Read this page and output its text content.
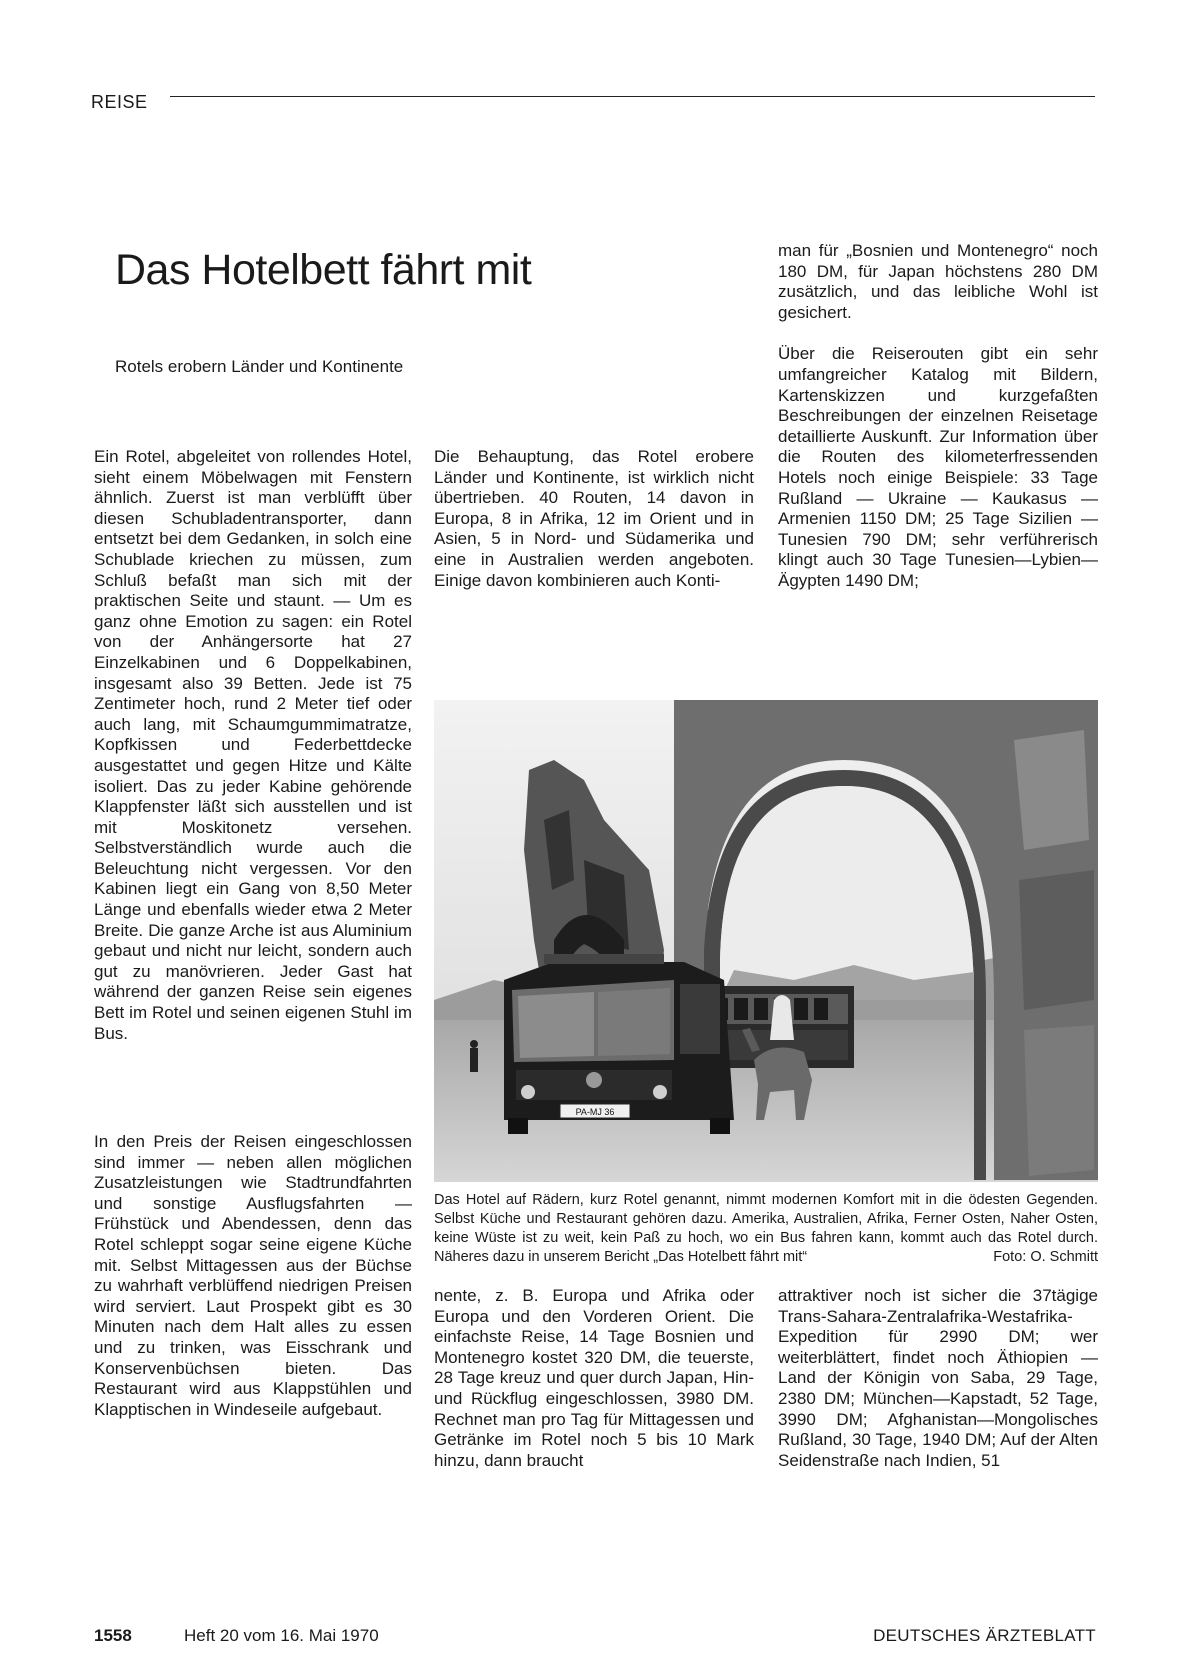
REISE
Das Hotelbett fährt mit
Rotels erobern Länder und Kontinente

Ein Rotel, abgeleitet von rollendes Hotel, sieht einem Möbelwagen mit Fenstern ähnlich. Zuerst ist man verblüfft über diesen Schubladentransporter, dann entsetzt bei dem Gedanken, in solch eine Schublade kriechen zu müssen, zum Schluß befaßt man sich mit der praktischen Seite und staunt. — Um es ganz ohne Emotion zu sagen: ein Rotel von der Anhängersorte hat 27 Einzelkabinen und 6 Doppelkabinen, insgesamt also 39 Betten. Jede ist 75 Zentimeter hoch, rund 2 Meter tief oder auch lang, mit Schaumgummimatratze, Kopfkissen und Federbettdecke ausgestattet und gegen Hitze und Kälte isoliert. Das zu jeder Kabine gehörende Klappfenster läßt sich ausstellen und ist mit Moskitonetz versehen. Selbstverständlich wurde auch die Beleuchtung nicht vergessen. Vor den Kabinen liegt ein Gang von 8,50 Meter Länge und ebenfalls wieder etwa 2 Meter Breite. Die ganze Arche ist aus Aluminium gebaut und nicht nur leicht, sondern auch gut zu manövrieren. Jeder Gast hat während der ganzen Reise sein eigenes Bett im Rotel und seinen eigenen Stuhl im Bus.

In den Preis der Reisen eingeschlossen sind immer — neben allen möglichen Zusatzleistungen wie Stadtrundfahrten und sonstige Ausflugsfahrten — Frühstück und Abendessen, denn das Rotel schleppt sogar seine eigene Küche mit. Selbst Mittagessen aus der Büchse zu wahrhaft verblüffend niedrigen Preisen wird serviert. Laut Prospekt gibt es 30 Minuten nach dem Halt alles zu essen und zu trinken, was Eisschrank und Konservenbüchsen bieten. Das Restaurant wird aus Klappstühlen und Klapptischen in Windeseile aufgebaut.

Die Behauptung, das Rotel erobere Länder und Kontinente, ist wirklich nicht übertrieben. 40 Routen, 14 davon in Europa, 8 in Afrika, 12 im Orient und in Asien, 5 in Nord- und Südamerika und eine in Australien werden angeboten. Einige davon kombinieren auch Konti-

nente, z. B. Europa und Afrika oder Europa und den Vorderen Orient. Die einfachste Reise, 14 Tage Bosnien und Montenegro kostet 320 DM, die teuerste, 28 Tage kreuz und quer durch Japan, Hin- und Rückflug eingeschlossen, 3980 DM. Rechnet man pro Tag für Mittagessen und Getränke im Rotel noch 5 bis 10 Mark hinzu, dann braucht

man für „Bosnien und Montenegro“ noch 180 DM, für Japan höchstens 280 DM zusätzlich, und das leibliche Wohl ist gesichert.

Über die Reiserouten gibt ein sehr umfangreicher Katalog mit Bildern, Kartenskizzen und kurzgefaßten Beschreibungen der einzelnen Reisetage detaillierte Auskunft. Zur Information über die Routen des kilometerfressenden Hotels noch einige Beispiele: 33 Tage Rußland — Ukraine — Kaukasus — Armenien 1150 DM; 25 Tage Sizilien —Tunesien 790 DM; sehr verführerisch klingt auch 30 Tage Tunesien—Lybien—Ägypten 1490 DM;

attraktiver noch ist sicher die 37tägige Trans-Sahara-Zentralafrika-Westafrika-Expedition für 2990 DM; wer weiterblättert, findet noch Äthiopien — Land der Königin von Saba, 29 Tage, 2380 DM; München—Kapstadt, 52 Tage, 3990 DM; Afghanistan—Mongolisches Rußland, 30 Tage, 1940 DM; Auf der Alten Seidenstraße nach Indien, 51

PA-MJ 36
Das Hotel auf Rädern, kurz Rotel genannt, nimmt modernen Komfort mit in die ödesten Gegenden. Selbst Küche und Restaurant gehören dazu. Amerika, Australien, Afrika, Ferner Osten, Naher Osten, keine Wüste ist zu weit, kein Paß zu hoch, wo ein Bus fahren kann, kommt auch das Rotel durch. Näheres dazu in unserem Bericht „Das Hotelbett fährt mit“	Foto: O. Schmitt
1558	Heft 20 vom 16. Mai 1970	DEUTSCHES ÄRZTEBLATT
